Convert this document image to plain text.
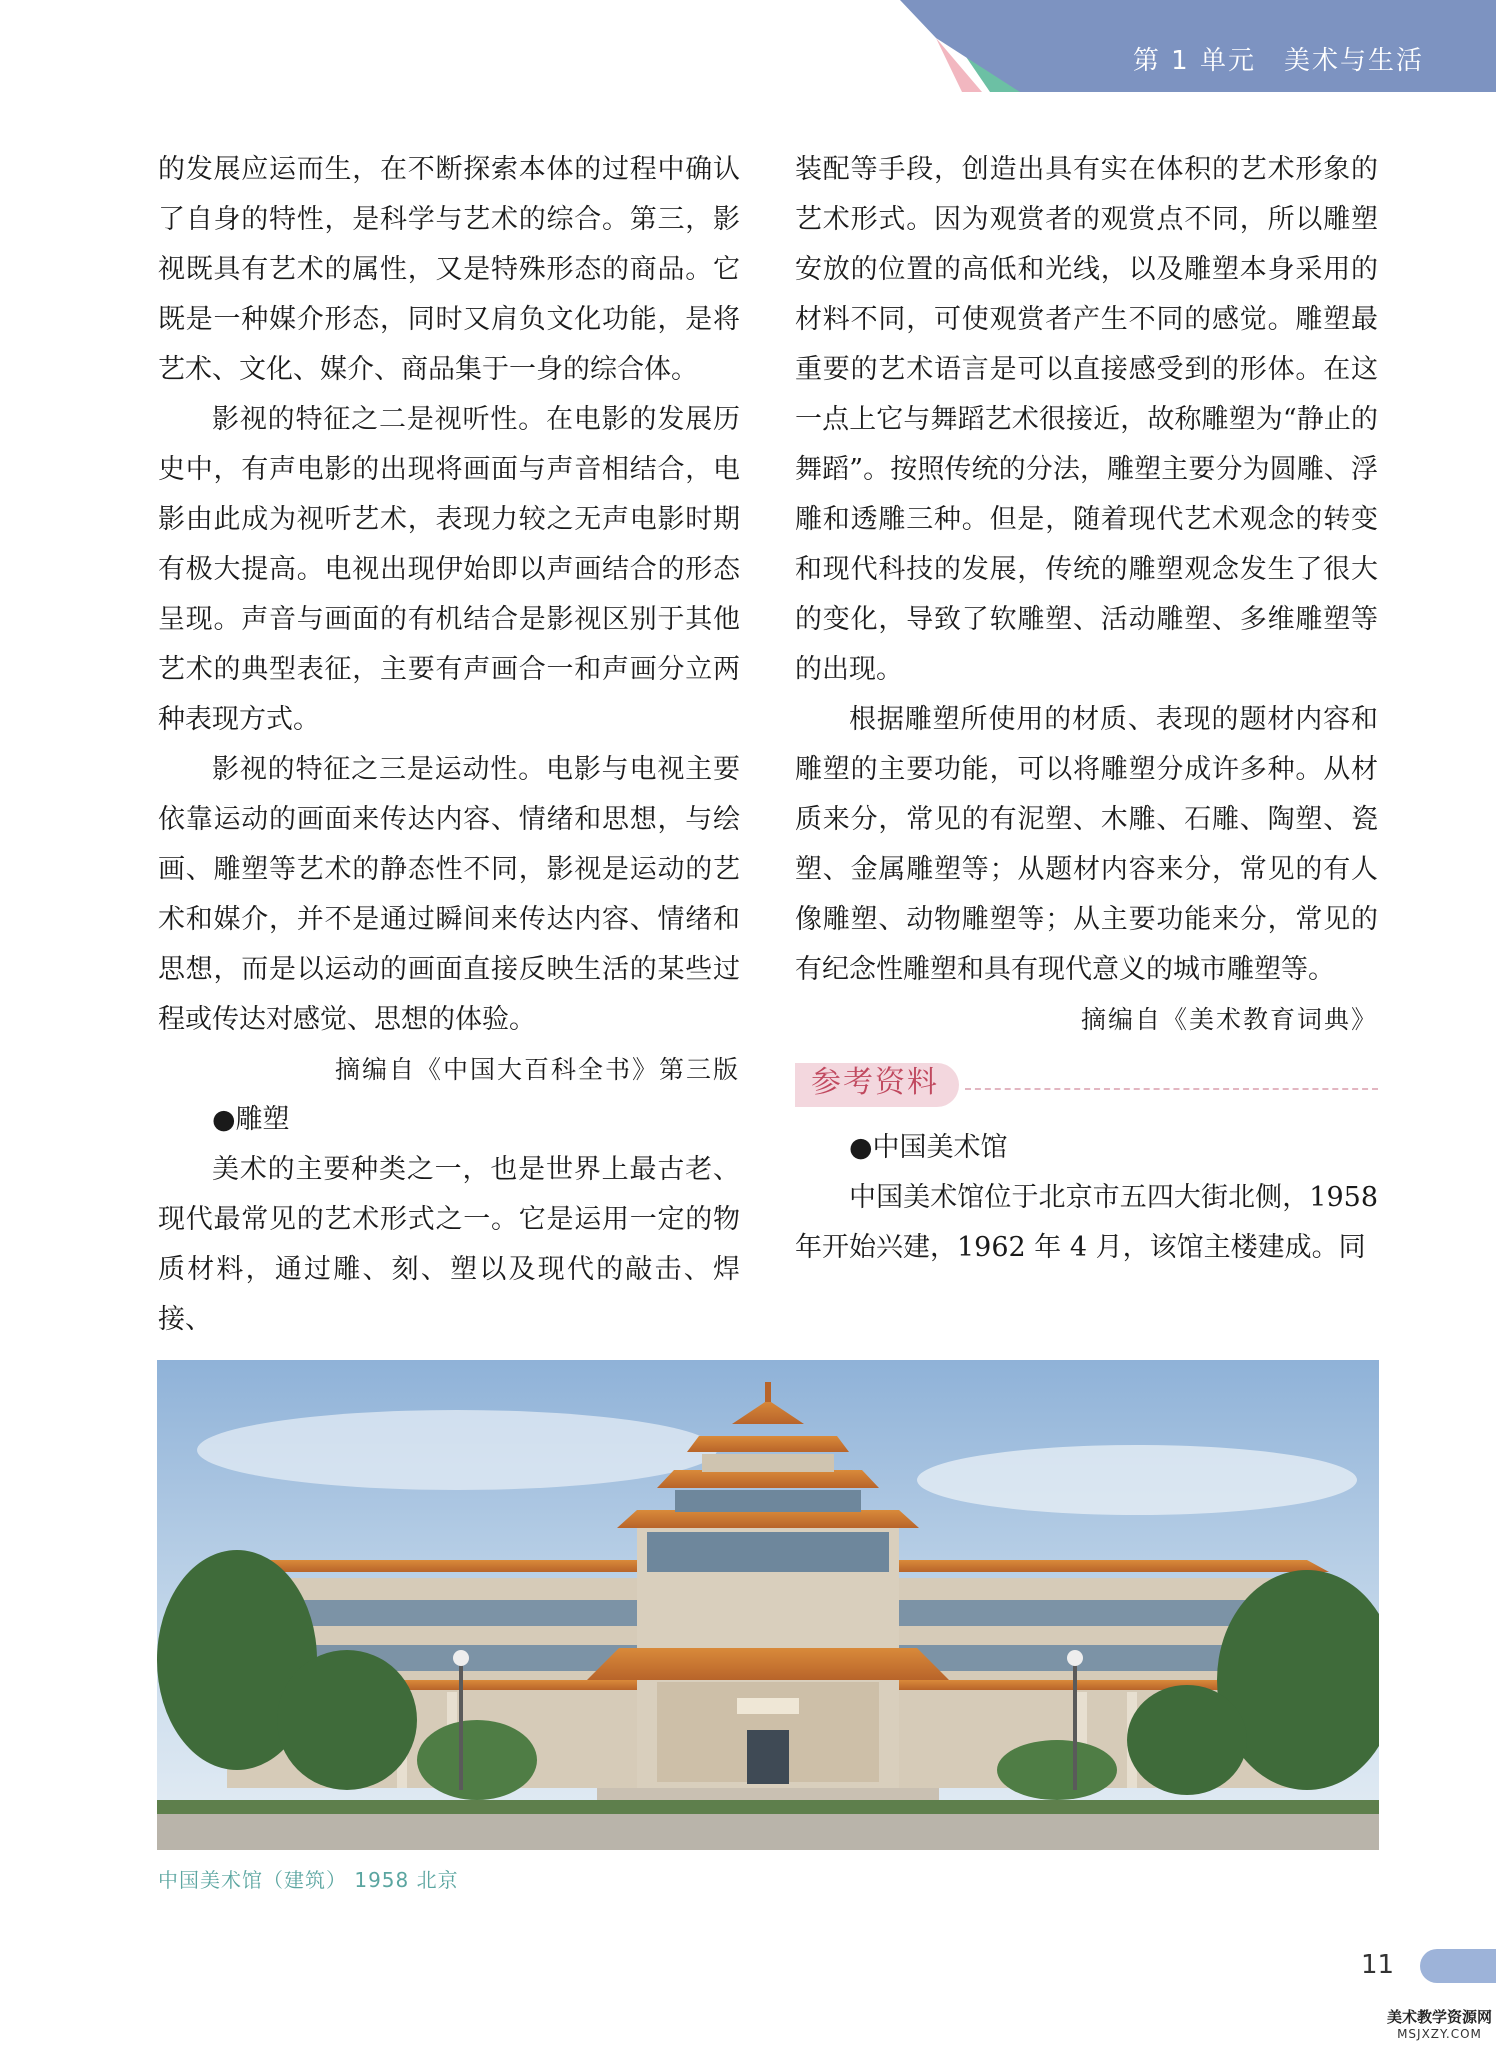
第 1 单元　美术与生活

的发展应运而生，在不断探索本体的过程中确认了自身的特性，是科学与艺术的综合。第三，影视既具有艺术的属性，又是特殊形态的商品。它既是一种媒介形态，同时又肩负文化功能，是将艺术、文化、媒介、商品集于一身的综合体。

影视的特征之二是视听性。在电影的发展历史中，有声电影的出现将画面与声音相结合，电影由此成为视听艺术，表现力较之无声电影时期有极大提高。电视出现伊始即以声画结合的形态呈现。声音与画面的有机结合是影视区别于其他艺术的典型表征，主要有声画合一和声画分立两种表现方式。

影视的特征之三是运动性。电影与电视主要依靠运动的画面来传达内容、情绪和思想，与绘画、雕塑等艺术的静态性不同，影视是运动的艺术和媒介，并不是通过瞬间来传达内容、情绪和思想，而是以运动的画面直接反映生活的某些过程或传达对感觉、思想的体验。

摘编自《中国大百科全书》第三版

●雕塑

美术的主要种类之一，也是世界上最古老、现代最常见的艺术形式之一。它是运用一定的物质材料，通过雕、刻、塑以及现代的敲击、焊接、

装配等手段，创造出具有实在体积的艺术形象的艺术形式。因为观赏者的观赏点不同，所以雕塑安放的位置的高低和光线，以及雕塑本身采用的材料不同，可使观赏者产生不同的感觉。雕塑最重要的艺术语言是可以直接感受到的形体。在这一点上它与舞蹈艺术很接近，故称雕塑为“静止的舞蹈”。按照传统的分法，雕塑主要分为圆雕、浮雕和透雕三种。但是，随着现代艺术观念的转变和现代科技的发展，传统的雕塑观念发生了很大的变化，导致了软雕塑、活动雕塑、多维雕塑等的出现。

根据雕塑所使用的材质、表现的题材内容和雕塑的主要功能，可以将雕塑分成许多种。从材质来分，常见的有泥塑、木雕、石雕、陶塑、瓷塑、金属雕塑等；从题材内容来分，常见的有人像雕塑、动物雕塑等；从主要功能来分，常见的有纪念性雕塑和具有现代意义的城市雕塑等。

摘编自《美术教育词典》

参考资料

●中国美术馆

中国美术馆位于北京市五四大街北侧，1958 年开始兴建，1962 年 4 月，该馆主楼建成。同

中国美术馆（建筑） 1958 北京
11
美术教学资源网
MSJXZY.COM
